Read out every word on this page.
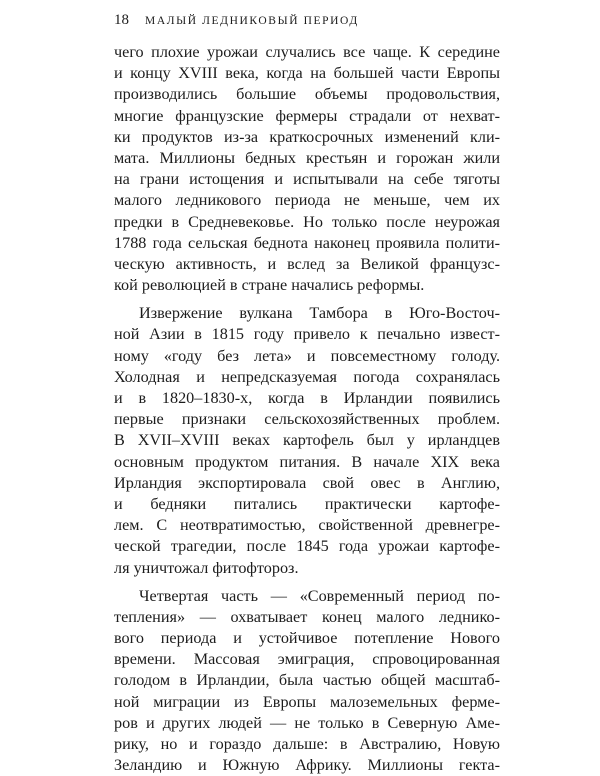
18 МАЛЫЙ ЛЕДНИКОВЫЙ ПЕРИОД
чего плохие урожаи случались все чаще. К середине
и концу XVIII века, когда на большей части Европы
производились большие объемы продовольствия,
многие французские фермеры страдали от нехват-
ки продуктов из-за краткосрочных изменений кли-
мата. Миллионы бедных крестьян и горожан жили
на грани истощения и испытывали на себе тяготы
малого ледникового периода не меньше, чем их
предки в Средневековье. Но только после неурожая
1788 года сельская беднота наконец проявила полити-
ческую активность, и вслед за Великой французс-
кой революцией в стране начались реформы.
Извержение вулкана Тамбора в Юго-Восточ-
ной Азии в 1815 году привело к печально извест-
ному «году без лета» и повсеместному голоду.
Холодная и непредсказуемая погода сохранялась
и в 1820–1830-х, когда в Ирландии появились
первые признаки сельскохозяйственных проблем.
В XVII–XVIII веках картофель был у ирландцев
основным продуктом питания. В начале XIX века
Ирландия экспортировала свой овес в Англию,
и бедняки питались практически картофе-
лем. С неотвратимостью, свойственной древнегре-
ческой трагедии, после 1845 года урожаи картофе-
ля уничтожал фитофтороз.
Четвертая часть — «Современный период по-
тепления» — охватывает конец малого леднико-
вого периода и устойчивое потепление Нового
времени. Массовая эмиграция, спровоцированная
голодом в Ирландии, была частью общей масштаб-
ной миграции из Европы малоземельных фермe-
ров и других людей — не только в Северную Аме-
рику, но и гораздо дальше: в Австралию, Новую
Зеландию и Южную Африку. Миллионы гекта-
